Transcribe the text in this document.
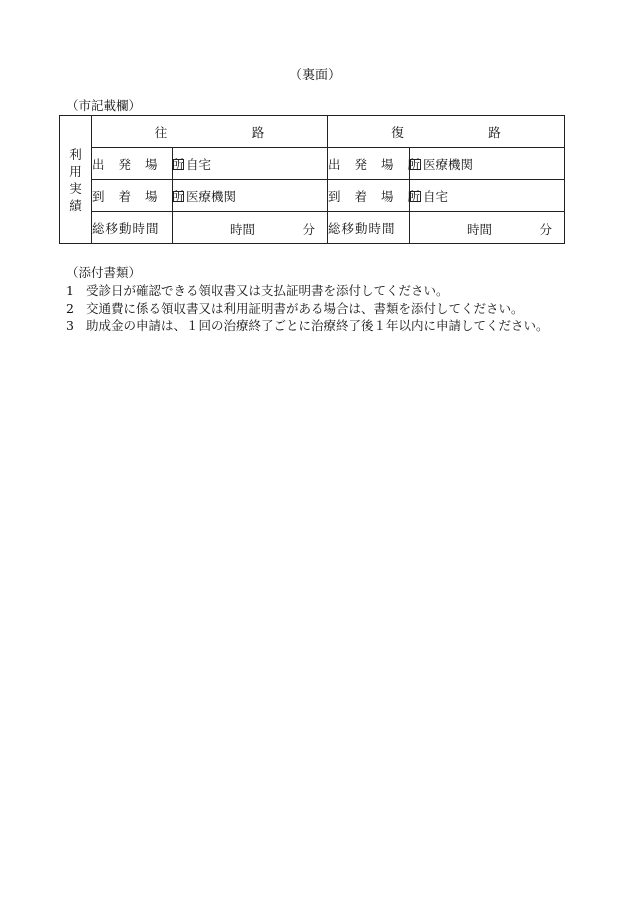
（裏面）
（市記載欄）
利
用
実
績	往　路		復　路	
	出 発 場 所	自宅	出 発 場 所	医療機関
	到 着 場 所	医療機関	到 着 場 所	自宅
	総移動時間	時間 分	総移動時間	時間 分
（添付書類）
1 受診日が確認できる領収書又は支払証明書を添付してください。
2 交通費に係る領収書又は利用証明書がある場合は、書類を添付してください。
3 助成金の申請は、１回の治療終了ごとに治療終了後１年以内に申請してください。
